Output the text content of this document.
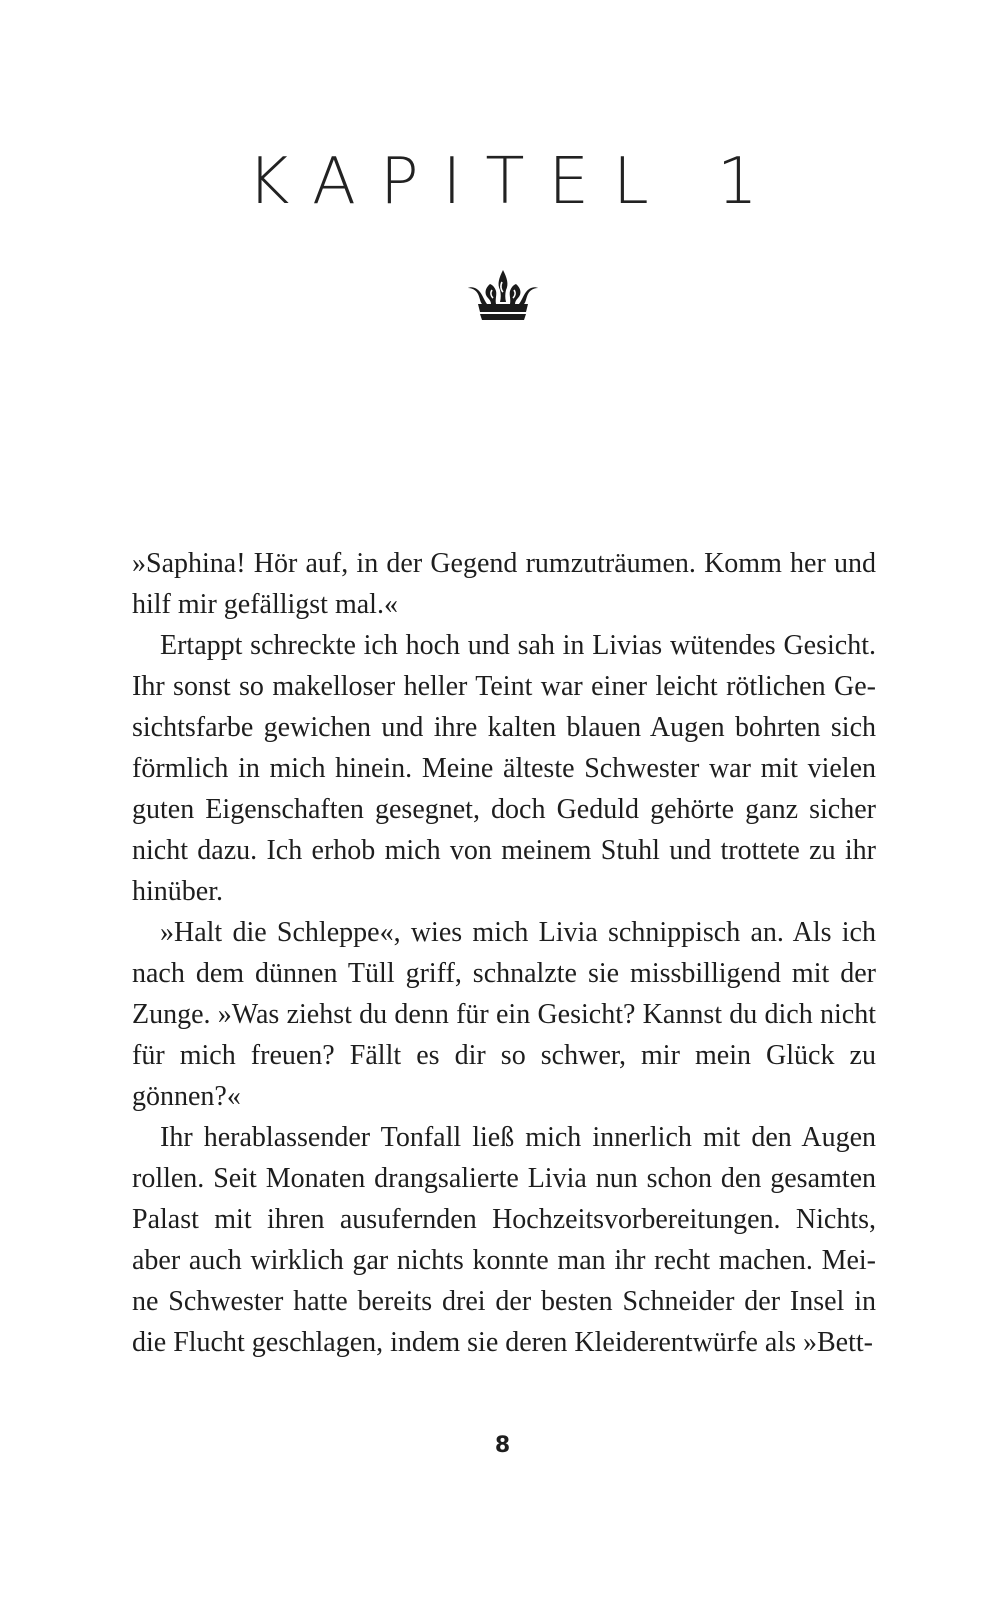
KAPITEL 1

»Saphina! Hör auf, in der Gegend rumzuträumen. Komm her und hilf mir gefälligst mal.«

Ertappt schreckte ich hoch und sah in Livias wütendes Gesicht. Ihr sonst so makelloser heller Teint war einer leicht rötlichen Gesichtsfarbe gewichen und ihre kalten blauen Augen bohrten sich förmlich in mich hinein. Meine älteste Schwester war mit vielen guten Eigenschaften gesegnet, doch Geduld gehörte ganz sicher nicht dazu. Ich erhob mich von meinem Stuhl und trottete zu ihr hinüber.

»Halt die Schleppe«, wies mich Livia schnippisch an. Als ich nach dem dünnen Tüll griff, schnalzte sie missbilligend mit der Zunge. »Was ziehst du denn für ein Gesicht? Kannst du dich nicht für mich freuen? Fällt es dir so schwer, mir mein Glück zu gönnen?«

Ihr herablassender Tonfall ließ mich innerlich mit den Augen rollen. Seit Monaten drangsalierte Livia nun schon den gesamten Palast mit ihren ausufernden Hochzeitsvorbereitungen. Nichts, aber auch wirklich gar nichts konnte man ihr recht machen. Meine Schwester hatte bereits drei der besten Schneider der Insel in die Flucht geschlagen, indem sie deren Kleiderentwürfe als »Bett-

8
